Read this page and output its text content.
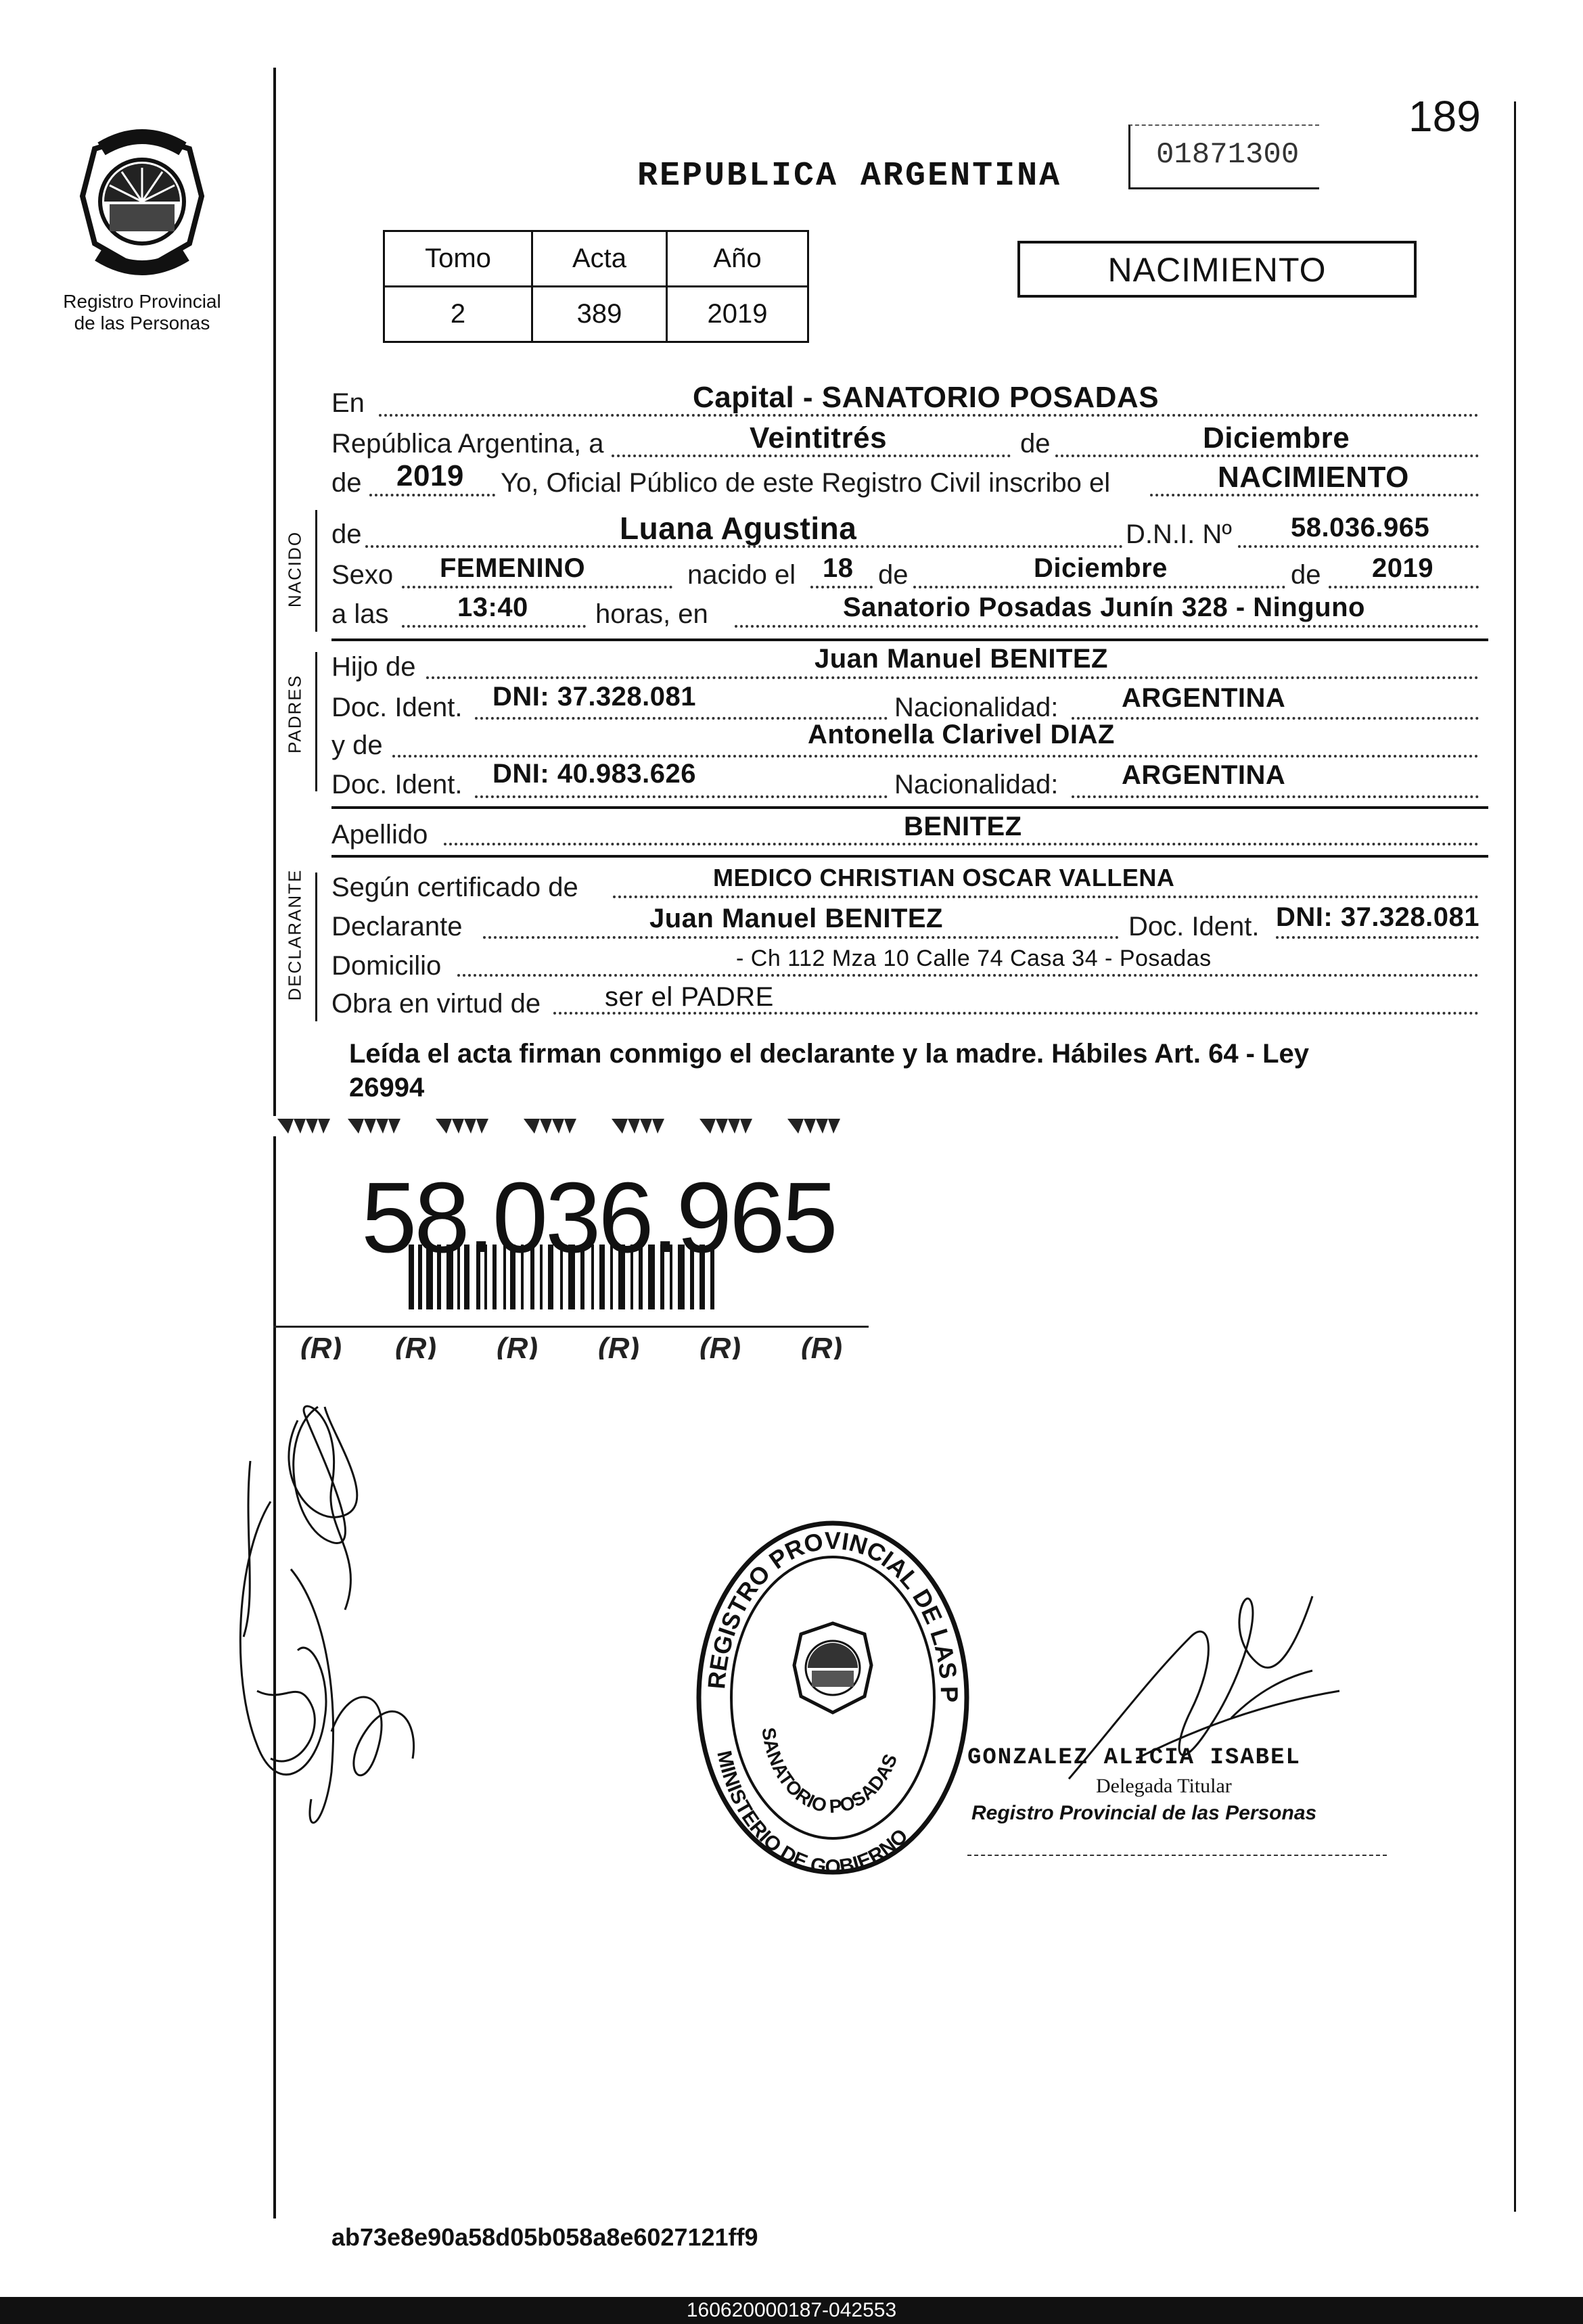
189
Registro Provincial
de las Personas
REPUBLICA ARGENTINA
01871300
Tomo	Acta	Año
2	389	2019
NACIMIENTO
En	Capital - SANATORIO POSADAS
República Argentina, a	Veintitrés	de	Diciembre
de 2019 Yo, Oficial Público de este Registro Civil inscribo el	NACIMIENTO
NACIDO de	Luana Agustina	D.N.I. Nº 58.036.965
Sexo FEMENINO	nacido el 18 de	Diciembre	de 2019
a las	13:40 horas, en	Sanatorio Posadas Junín 328 - Ninguno
PADRES
Hijo de	Juan Manuel BENITEZ
Doc. Ident. DNI: 37.328.081	Nacionalidad: ARGENTINA
y de	Antonella Clarivel DIAZ
Doc. Ident. DNI: 40.983.626	Nacionalidad: ARGENTINA
Apellido	BENITEZ
DECLARANTE Según certificado de	MEDICO CHRISTIAN OSCAR VALLENA
Declarante	Juan Manuel BENITEZ	Doc. Ident. DNI: 37.328.081
Domicilio	- Ch 112 Mza 10 Calle 74 Casa 34 - Posadas
Obra en virtud de ser el PADRE
Leída el acta firman conmigo el declarante y la madre. Hábiles Art. 64 - Ley
26994
(R) (R) (R) (R) (R) (R)
58.036.965
REGISTRO PROVINCIAL DE LAS P
SANATORIO POSADAS
MINISTERIO DE GOBIERNO
GONZALEZ ALICIA ISABEL
Delegada Titular
Registro Provincial de las Personas
ab73e8e90a58d05b058a8e6027121ff9
160620000187-042553
